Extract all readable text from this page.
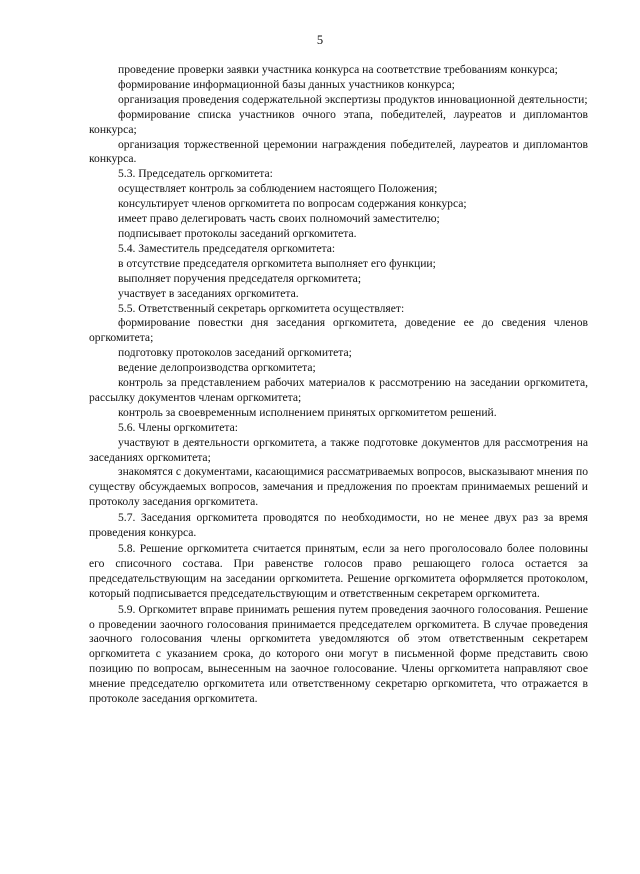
5

проведение проверки заявки участника конкурса на соответствие требованиям конкурса;

формирование информационной базы данных участников конкурса;

организация проведения содержательной экспертизы продуктов инновационной деятельности;

формирование списка участников очного этапа, победителей, лауреатов и дипломантов конкурса;

организация торжественной церемонии награждения победителей, лауреатов и дипломантов конкурса.

5.3. Председатель оргкомитета:

осуществляет контроль за соблюдением настоящего Положения;

консультирует членов оргкомитета по вопросам содержания конкурса;

имеет право делегировать часть своих полномочий заместителю;

подписывает протоколы заседаний оргкомитета.

5.4. Заместитель председателя оргкомитета:

в отсутствие председателя оргкомитета выполняет его функции;

выполняет поручения председателя оргкомитета;

участвует в заседаниях оргкомитета.

5.5. Ответственный секретарь оргкомитета осуществляет:

формирование повестки дня заседания оргкомитета, доведение ее до сведения членов оргкомитета;

подготовку протоколов заседаний оргкомитета;

ведение делопроизводства оргкомитета;

контроль за представлением рабочих материалов к рассмотрению на заседании оргкомитета, рассылку документов членам оргкомитета;

контроль за своевременным исполнением принятых оргкомитетом решений.

5.6. Члены оргкомитета:

участвуют в деятельности оргкомитета, а также подготовке документов для рассмотрения на заседаниях оргкомитета;

знакомятся с документами, касающимися рассматриваемых вопросов, высказывают мнения по существу обсуждаемых вопросов, замечания и предложения по проектам принимаемых решений и протоколу заседания оргкомитета.

5.7. Заседания оргкомитета проводятся по необходимости, но не менее двух раз за время проведения конкурса.

5.8. Решение оргкомитета считается принятым, если за него проголосовало более половины его списочного состава. При равенстве голосов право решающего голоса остается за председательствующим на заседании оргкомитета. Решение оргкомитета оформляется протоколом, который подписывается председательствующим и ответственным секретарем оргкомитета.

5.9. Оргкомитет вправе принимать решения путем проведения заочного голосования. Решение о проведении заочного голосования принимается председателем оргкомитета. В случае проведения заочного голосования члены оргкомитета уведомляются об этом ответственным секретарем оргкомитета с указанием срока, до которого они могут в письменной форме представить свою позицию по вопросам, вынесенным на заочное голосование. Члены оргкомитета направляют свое мнение председателю оргкомитета или ответственному секретарю оргкомитета, что отражается в протоколе заседания оргкомитета.
